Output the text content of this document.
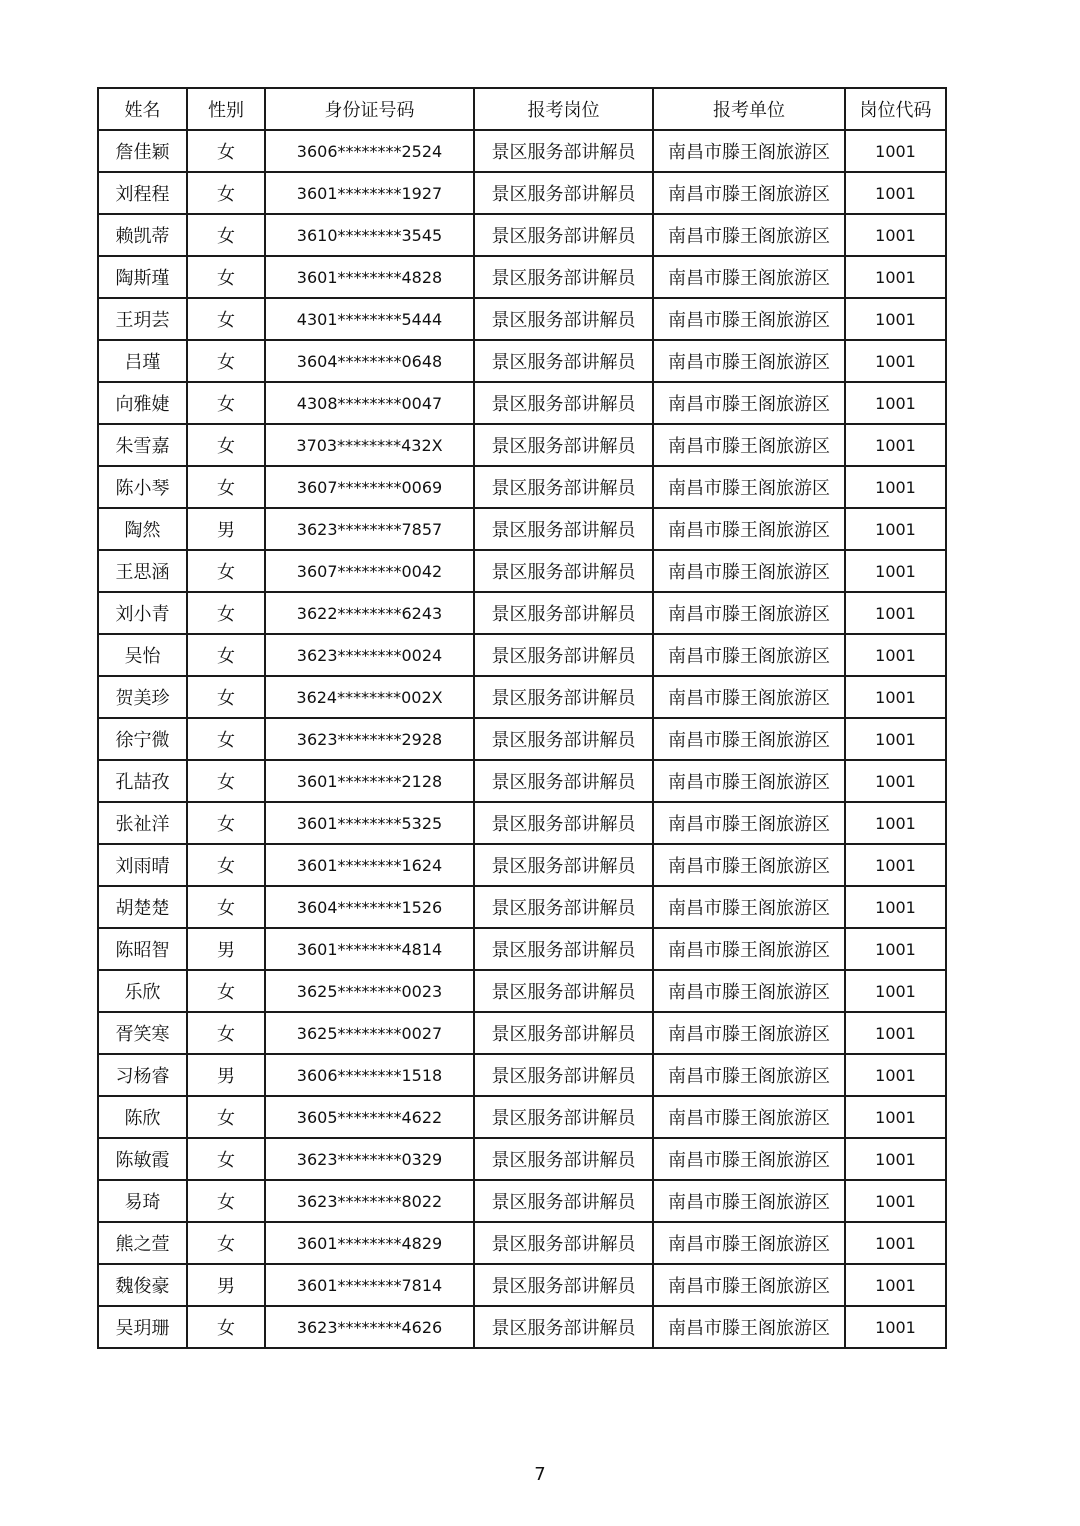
姓名	性别	身份证号码	报考岗位	报考单位	岗位代码
詹佳颖	女	3606********2524	景区服务部讲解员	南昌市滕王阁旅游区	1001
刘程程	女	3601********1927	景区服务部讲解员	南昌市滕王阁旅游区	1001
赖凯蒂	女	3610********3545	景区服务部讲解员	南昌市滕王阁旅游区	1001
陶斯瑾	女	3601********4828	景区服务部讲解员	南昌市滕王阁旅游区	1001
王玥芸	女	4301********5444	景区服务部讲解员	南昌市滕王阁旅游区	1001
吕瑾	女	3604********0648	景区服务部讲解员	南昌市滕王阁旅游区	1001
向雅婕	女	4308********0047	景区服务部讲解员	南昌市滕王阁旅游区	1001
朱雪嘉	女	3703********432X	景区服务部讲解员	南昌市滕王阁旅游区	1001
陈小琴	女	3607********0069	景区服务部讲解员	南昌市滕王阁旅游区	1001
陶然	男	3623********7857	景区服务部讲解员	南昌市滕王阁旅游区	1001
王思涵	女	3607********0042	景区服务部讲解员	南昌市滕王阁旅游区	1001
刘小青	女	3622********6243	景区服务部讲解员	南昌市滕王阁旅游区	1001
吴怡	女	3623********0024	景区服务部讲解员	南昌市滕王阁旅游区	1001
贺美珍	女	3624********002X	景区服务部讲解员	南昌市滕王阁旅游区	1001
徐宁微	女	3623********2928	景区服务部讲解员	南昌市滕王阁旅游区	1001
孔喆孜	女	3601********2128	景区服务部讲解员	南昌市滕王阁旅游区	1001
张祉洋	女	3601********5325	景区服务部讲解员	南昌市滕王阁旅游区	1001
刘雨晴	女	3601********1624	景区服务部讲解员	南昌市滕王阁旅游区	1001
胡楚楚	女	3604********1526	景区服务部讲解员	南昌市滕王阁旅游区	1001
陈昭智	男	3601********4814	景区服务部讲解员	南昌市滕王阁旅游区	1001
乐欣	女	3625********0023	景区服务部讲解员	南昌市滕王阁旅游区	1001
胥笑寒	女	3625********0027	景区服务部讲解员	南昌市滕王阁旅游区	1001
习杨睿	男	3606********1518	景区服务部讲解员	南昌市滕王阁旅游区	1001
陈欣	女	3605********4622	景区服务部讲解员	南昌市滕王阁旅游区	1001
陈敏霞	女	3623********0329	景区服务部讲解员	南昌市滕王阁旅游区	1001
易琦	女	3623********8022	景区服务部讲解员	南昌市滕王阁旅游区	1001
熊之萱	女	3601********4829	景区服务部讲解员	南昌市滕王阁旅游区	1001
魏俊豪	男	3601********7814	景区服务部讲解员	南昌市滕王阁旅游区	1001
吴玥珊	女	3623********4626	景区服务部讲解员	南昌市滕王阁旅游区	1001
7
